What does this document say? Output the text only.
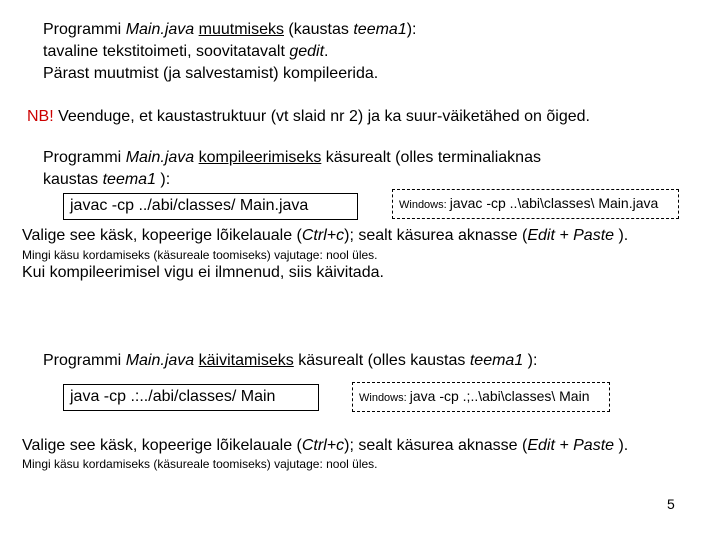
Programmi Main.java muutmiseks (kaustas teema1):
tavaline tekstitoimeti, soovitatavalt gedit.
Pärast muutmist (ja salvestamist) kompileerida.
NB! Veenduge, et kaustastruktuur (vt slaid nr 2) ja ka suur-väiketähed on õiged.
Programmi Main.java kompileerimiseks käsurealt (olles terminaliaknas
kaustas teema1 ):
javac -cp ../abi/classes/ Main.java	Windows: javac -cp ..\abi\classes\ Main.java
Valige see käsk, kopeerige lõikelauale (Ctrl+c); sealt käsurea aknasse (Edit + Paste ).
Mingi käsu kordamiseks (käsureale toomiseks) vajutage: nool üles.
Kui kompileerimisel vigu ei ilmnenud, siis käivitada.
Programmi Main.java käivitamiseks käsurealt (olles kaustas teema1 ):
java -cp .:../abi/classes/ Main	Windows: java -cp .;..\abi\classes\ Main
Valige see käsk, kopeerige lõikelauale (Ctrl+c); sealt käsurea aknasse (Edit + Paste ).
Mingi käsu kordamiseks (käsureale toomiseks) vajutage: nool üles.
5
